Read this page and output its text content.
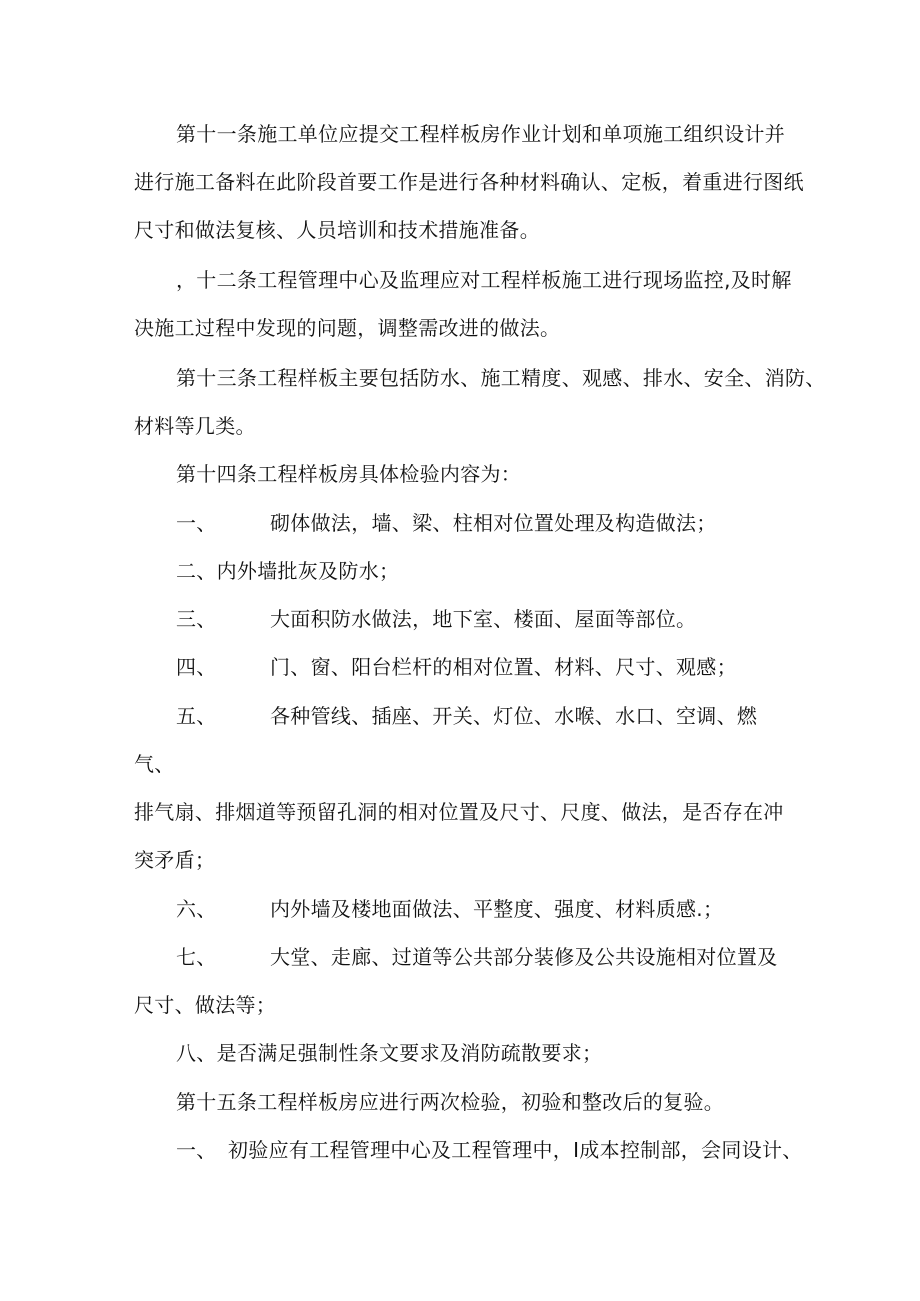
第十一条施工单位应提交工程样板房作业计划和单项施工组织设计并
进行施工备料在此阶段首要工作是进行各种材料确认、定板，着重进行图纸
尺寸和做法复核、人员培训和技术措施准备。
，十二条工程管理中心及监理应对工程样板施工进行现场监控,及时解
决施工过程中发现的问题，调整需改进的做法。
第十三条工程样板主要包括防水、施工精度、观感、排水、安全、消防、
材料等几类。
第十四条工程样板房具体检验内容为：
一、	砌体做法，墙、梁、柱相对位置处理及构造做法；
二、内外墙批灰及防水；
三、	大面积防水做法，地下室、楼面、屋面等部位。
四、	门、窗、阳台栏杆的相对位置、材料、尺寸、观感；
五、	各种管线、插座、开关、灯位、水喉、水口、空调、燃
气、
排气扇、排烟道等预留孔洞的相对位置及尺寸、尺度、做法，是否存在冲
突矛盾；
六、	内外墙及楼地面做法、平整度、强度、材料质感.；
七、	大堂、走廊、过道等公共部分装修及公共设施相对位置及
尺寸、做法等；
八、是否满足强制性条文要求及消防疏散要求；
第十五条工程样板房应进行两次检验，初验和整改后的复验。
一、 初验应有工程管理中心及工程管理中，I成本控制部，会同设计、
